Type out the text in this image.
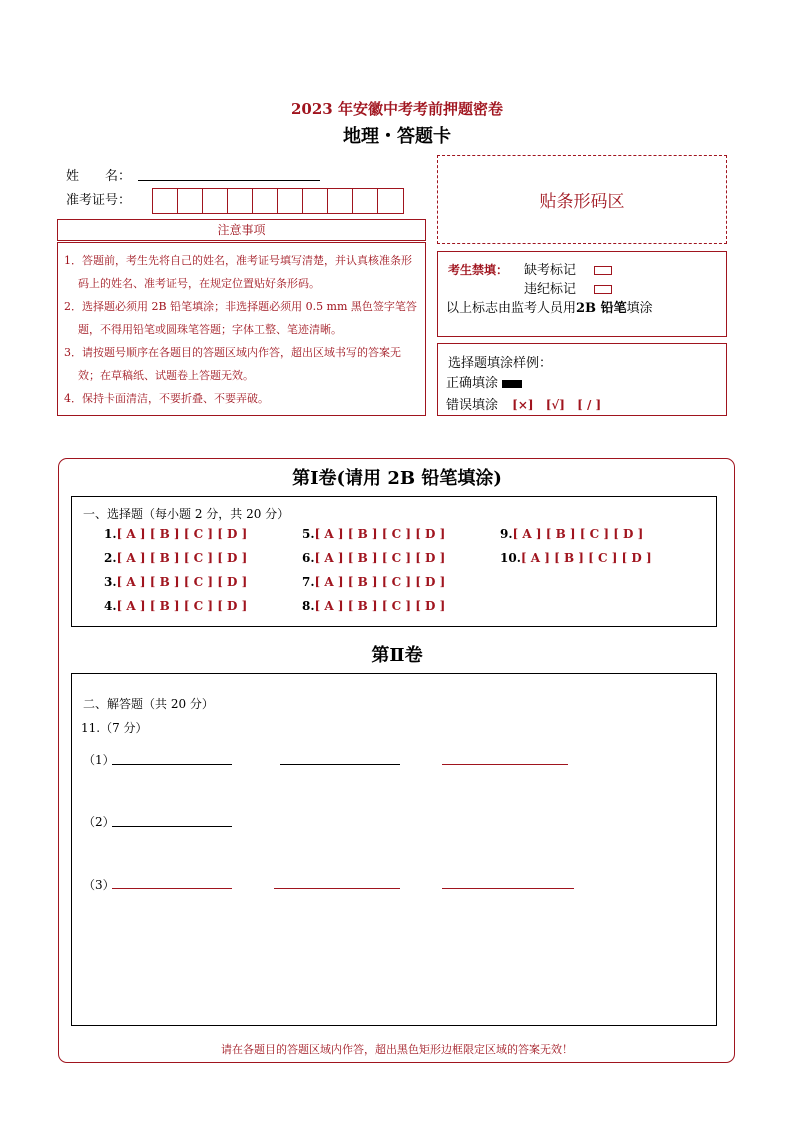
2023 年安徽中考考前押题密卷
地理・答题卡
姓　　名：
准考证号：	贴条形码区
注意事项
1．答题前，考生先将自己的姓名，准考证号填写清楚，并认真核准条形码上的姓名、准考证号，在规定位置贴好条形码。
2．选择题必须用 2B 铅笔填涂；非选择题必须用 0.5 mm 黑色签字笔答题，不得用铅笔或圆珠笔答题；字体工整、笔迹清晰。
3．请按题号顺序在各题目的答题区域内作答，超出区域书写的答案无效；在草稿纸、试题卷上答题无效。
4．保持卡面清洁，不要折叠、不要弄破。
考生禁填： 缺考标记
违纪标记
以上标志由监考人员用2B 铅笔填涂
选择题填涂样例：
正确填涂
错误填涂 [×] [√] [ / ]
第Ⅰ卷(请用 2B 铅笔填涂)
一、选择题（每小题 2 分，共 20 分）
1.[ A ] [ B ] [ C ] [ D ]
2.[ A ] [ B ] [ C ] [ D ]
3.[ A ] [ B ] [ C ] [ D ]
4.[ A ] [ B ] [ C ] [ D ]
5.[ A ] [ B ] [ C ] [ D ]
6.[ A ] [ B ] [ C ] [ D ]
7.[ A ] [ B ] [ C ] [ D ]
8.[ A ] [ B ] [ C ] [ D ]
9.[ A ] [ B ] [ C ] [ D ]
10.[ A ] [ B ] [ C ] [ D ]
第Ⅱ卷
二、解答题（共 20 分）
11.（7 分）
（1）
（2）
（3）
请在各题目的答题区域内作答，超出黑色矩形边框限定区域的答案无效！
